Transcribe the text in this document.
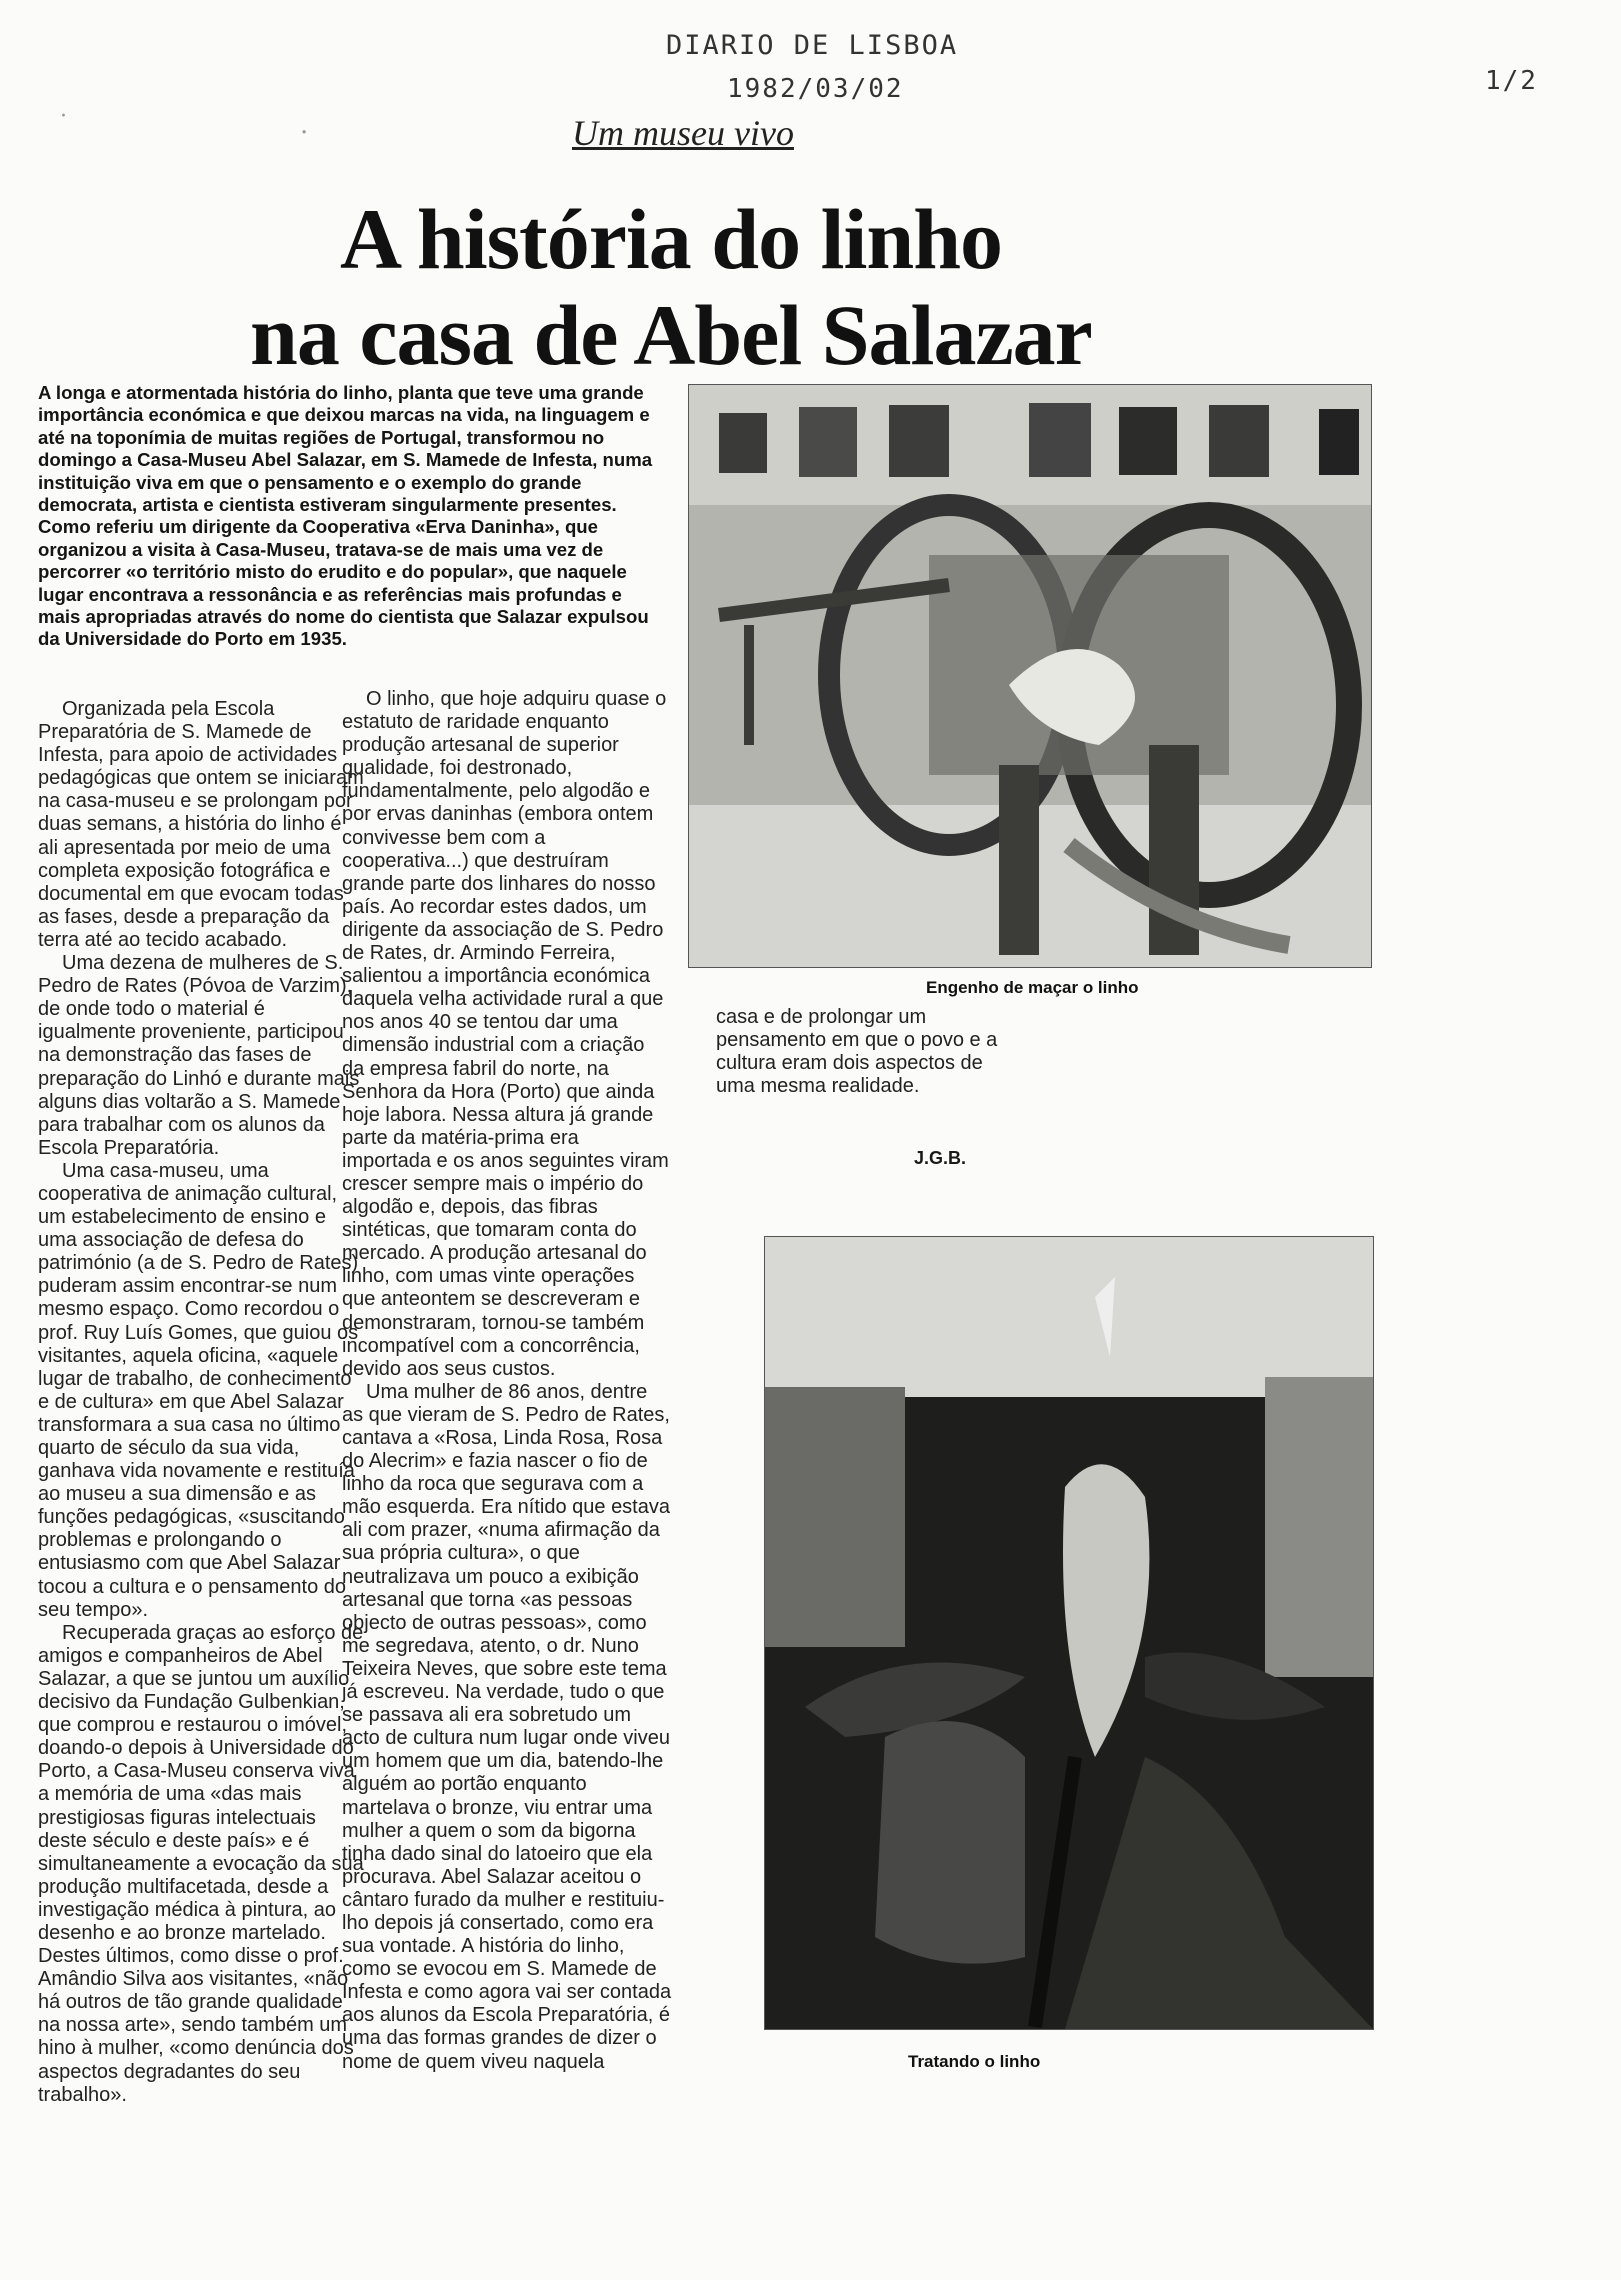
DIARIO DE LISBOA
1982/03/02	1/2
·
·	Um museu vivo
A história do linho
na casa de Abel Salazar

A longa e atormentada história do linho, planta que teve uma grande importância económica e que deixou marcas na vida, na linguagem e até na toponímia de muitas regiões de Portugal, transformou no domingo a Casa-Museu Abel Salazar, em S. Mamede de Infesta, numa instituição viva em que o pensamento e o exemplo do grande democrata, artista e cientista estiveram singularmente presentes. Como referiu um dirigente da Cooperativa «Erva Daninha», que organizou a visita à Casa-Museu, tratava-se de mais uma vez de percorrer «o território misto do erudito e do popular», que naquele lugar encontrava a ressonância e as referências mais profundas e mais apropriadas através do nome do cientista que Salazar expulsou da Universidade do Porto em 1935.

Organizada pela Escola Preparatória de S. Mamede de Infesta, para apoio de actividades pedagógicas que ontem se iniciaram na casa-museu e se prolongam por duas semans, a história do linho é ali apresentada por meio de uma completa exposição fotográfica e documental em que evocam todas as fases, desde a preparação da terra até ao tecido acabado.

Uma dezena de mulheres de S. Pedro de Rates (Póvoa de Varzim), de onde todo o material é igualmente proveniente, participou na demonstração das fases de preparação do Linhó e durante mais alguns dias voltarão a S. Mamede para trabalhar com os alunos da Escola Preparatória.

Uma casa-museu, uma cooperativa de animação cultural, um estabelecimento de ensino e uma associação de defesa do património (a de S. Pedro de Rates) puderam assim encontrar-se num mesmo espaço. Como recordou o prof. Ruy Luís Gomes, que guiou os visitantes, aquela oficina, «aquele lugar de trabalho, de conhecimento e de cultura» em que Abel Salazar transformara a sua casa no último quarto de século da sua vida, ganhava vida novamente e restituía ao museu a sua dimensão e as funções pedagógicas, «suscitando problemas e prolongando o entusiasmo com que Abel Salazar tocou a cultura e o pensamento do seu tempo».

Recuperada graças ao esforço de amigos e companheiros de Abel Salazar, a que se juntou um auxílio decisivo da Fundação Gulbenkian, que comprou e restaurou o imóvel, doando-o depois à Universidade do Porto, a Casa-Museu conserva viva a memória de uma «das mais prestigiosas figuras intelectuais deste século e deste país» e é simultaneamente a evocação da sua produção multifacetada, desde a investigação médica à pintura, ao desenho e ao bronze martelado. Destes últimos, como disse o prof. Amândio Silva aos visitantes, «não há outros de tão grande qualidade na nossa arte», sendo também um hino à mulher, «como denúncia dos aspectos degradantes do seu trabalho».

O linho, que hoje adquiru quase o estatuto de raridade enquanto produção artesanal de superior qualidade, foi destronado, fundamentalmente, pelo algodão e por ervas daninhas (embora ontem convivesse bem com a cooperativa...) que destruíram grande parte dos linhares do nosso país. Ao recordar estes dados, um dirigente da associação de S. Pedro de Rates, dr. Armindo Ferreira, salientou a importância económica daquela velha actividade rural a que nos anos 40 se tentou dar uma dimensão industrial com a criação da empresa fabril do norte, na Senhora da Hora (Porto) que ainda hoje labora. Nessa altura já grande parte da matéria-prima era importada e os anos seguintes viram crescer sempre mais o império do algodão e, depois, das fibras sintéticas, que tomaram conta do mercado. A produção artesanal do linho, com umas vinte operações que anteontem se descreveram e demonstraram, tornou-se também incompatível com a concorrência, devido aos seus custos.

Uma mulher de 86 anos, dentre as que vieram de S. Pedro de Rates, cantava a «Rosa, Linda Rosa, Rosa do Alecrim» e fazia nascer o fio de linho da roca que segurava com a mão esquerda. Era nítido que estava ali com prazer, «numa afirmação da sua própria cultura», o que neutralizava um pouco a exibição artesanal que torna «as pessoas objecto de outras pessoas», como me segredava, atento, o dr. Nuno Teixeira Neves, que sobre este tema já escreveu. Na verdade, tudo o que se passava ali era sobretudo um acto de cultura num lugar onde viveu um homem que um dia, batendo-lhe alguém ao portão enquanto martelava o bronze, viu entrar uma mulher a quem o som da bigorna tinha dado sinal do latoeiro que ela procurava. Abel Salazar aceitou o cântaro furado da mulher e restituiu-lho depois já consertado, como era sua vontade. A história do linho, como se evocou em S. Mamede de Infesta e como agora vai ser contada aos alunos da Escola Preparatória, é uma das formas grandes de dizer o nome de quem viveu naquela

casa e de prolongar um pensamento em que o povo e a cultura eram dois aspectos de uma mesma realidade.

Engenho de maçar o linho
J.G.B.
Tratando o linho
